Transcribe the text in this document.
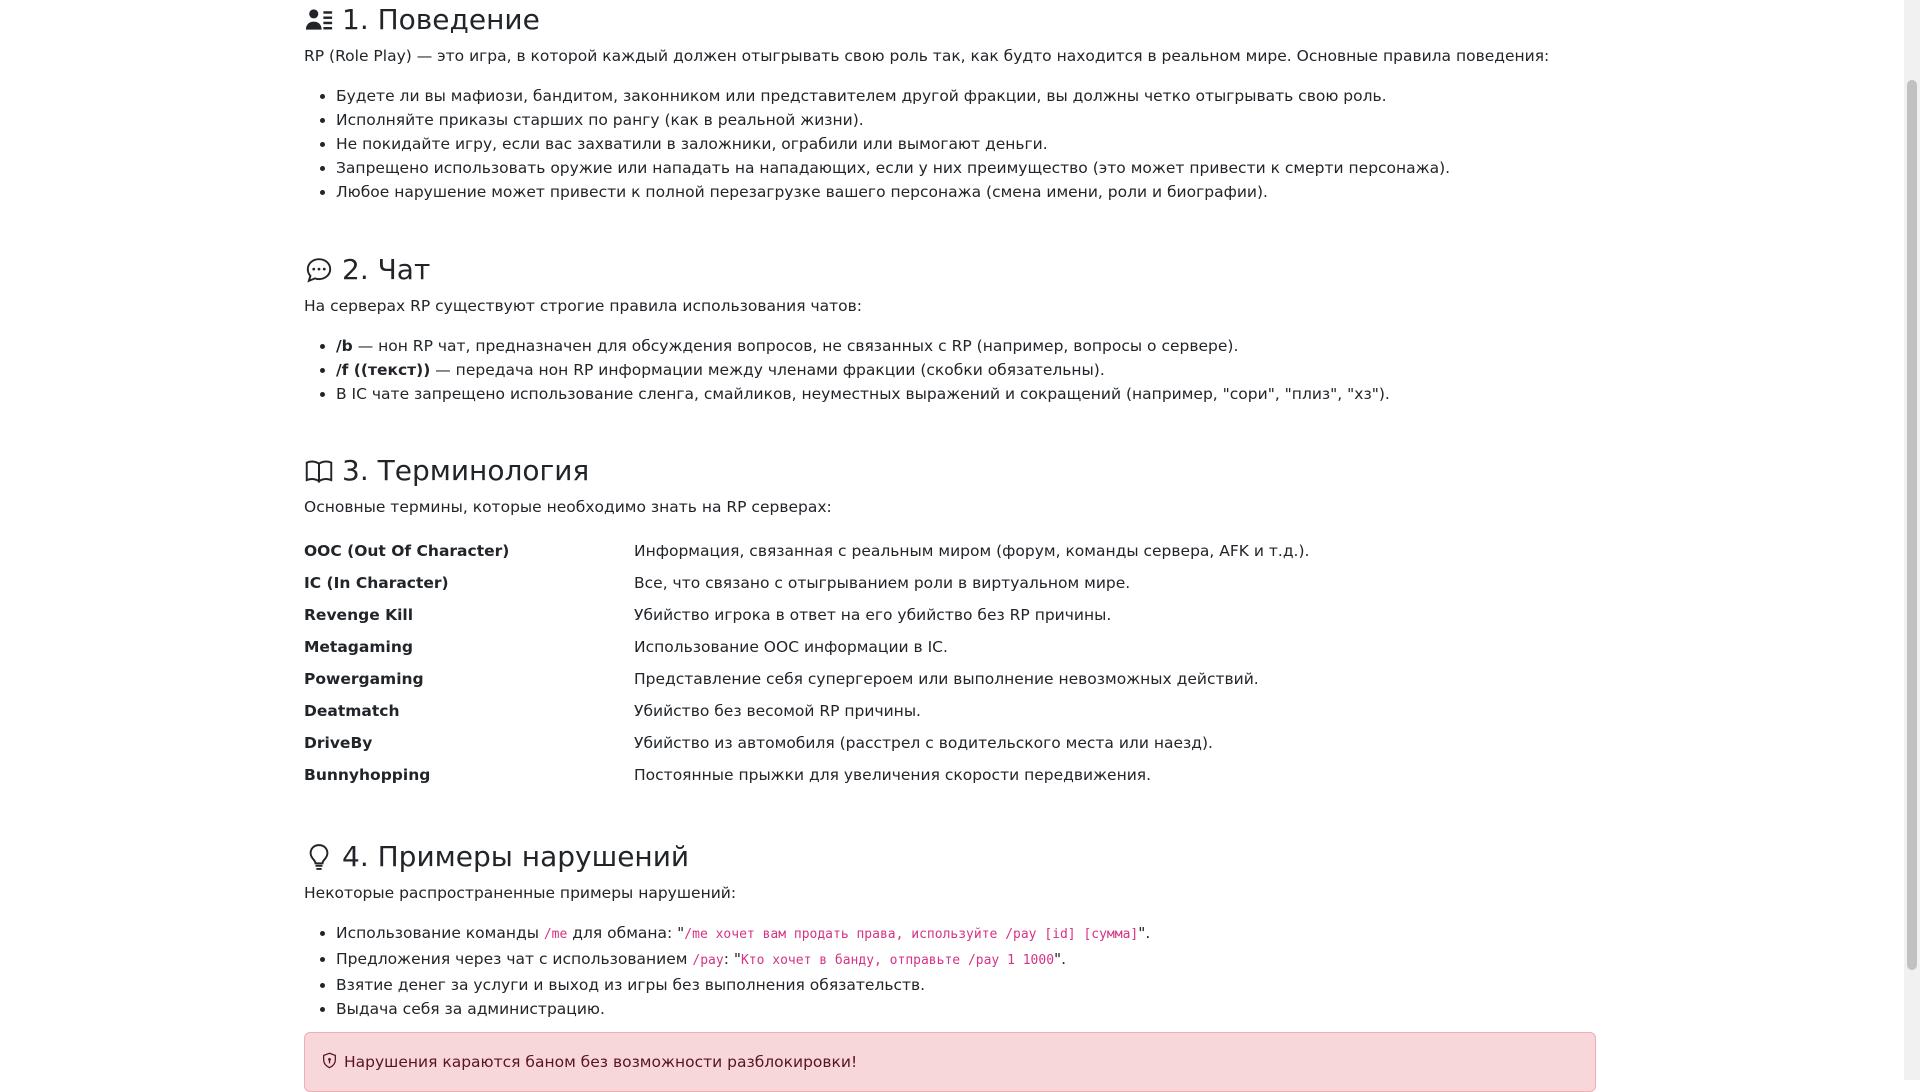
1. Поведение

RP (Role Play) — это игра, в которой каждый должен отыгрывать свою роль так, как будто находится в реальном мире. Основные правила поведения:

• Будете ли вы мафиози, бандитом, законником или представителем другой фракции, вы должны четко отыгрывать свою роль.
• Исполняйте приказы старших по рангу (как в реальной жизни).
• Не покидайте игру, если вас захватили в заложники, ограбили или вымогают деньги.
• Запрещено использовать оружие или нападать на нападающих, если у них преимущество (это может привести к смерти персонажа).
• Любое нарушение может привести к полной перезагрузке вашего персонажа (смена имени, роли и биографии).
2. Чат

На серверах RP существуют строгие правила использования чатов:

• /b — нон RP чат, предназначен для обсуждения вопросов, не связанных с RP (например, вопросы о сервере).
• /f ((текст)) — передача нон RP информации между членами фракции (скобки обязательны).
• В IC чате запрещено использование сленга, смайликов, неуместных выражений и сокращений (например, "сори", "плиз", "хз").
3. Терминология

Основные термины, которые необходимо знать на RP серверах:

OOC (Out Of Character)	Информация, связанная с реальным миром (форум, команды сервера, AFK и т.д.).
IC (In Character)	Все, что связано с отыгрыванием роли в виртуальном мире.
Revenge Kill	Убийство игрока в ответ на его убийство без RP причины.
Metagaming	Использование OOC информации в IC.
Powergaming	Представление себя супергероем или выполнение невозможных действий.
Deatmatch	Убийство без весомой RP причины.
DriveBy	Убийство из автомобиля (расстрел с водительского места или наезд).
Bunnyhopping	Постоянные прыжки для увеличения скорости передвижения.
4. Примеры нарушений

Некоторые распространенные примеры нарушений:

• Использование команды /me для обмана: "/me хочет вам продать права, используйте /pay [id] [сумма]".
• Предложения через чат с использованием /pay: "Кто хочет в банду, отправьте /pay 1 1000".
• Взятие денег за услуги и выход из игры без выполнения обязательств.
• Выдача себя за администрацию.
Нарушения караются баном без возможности разблокировки!
